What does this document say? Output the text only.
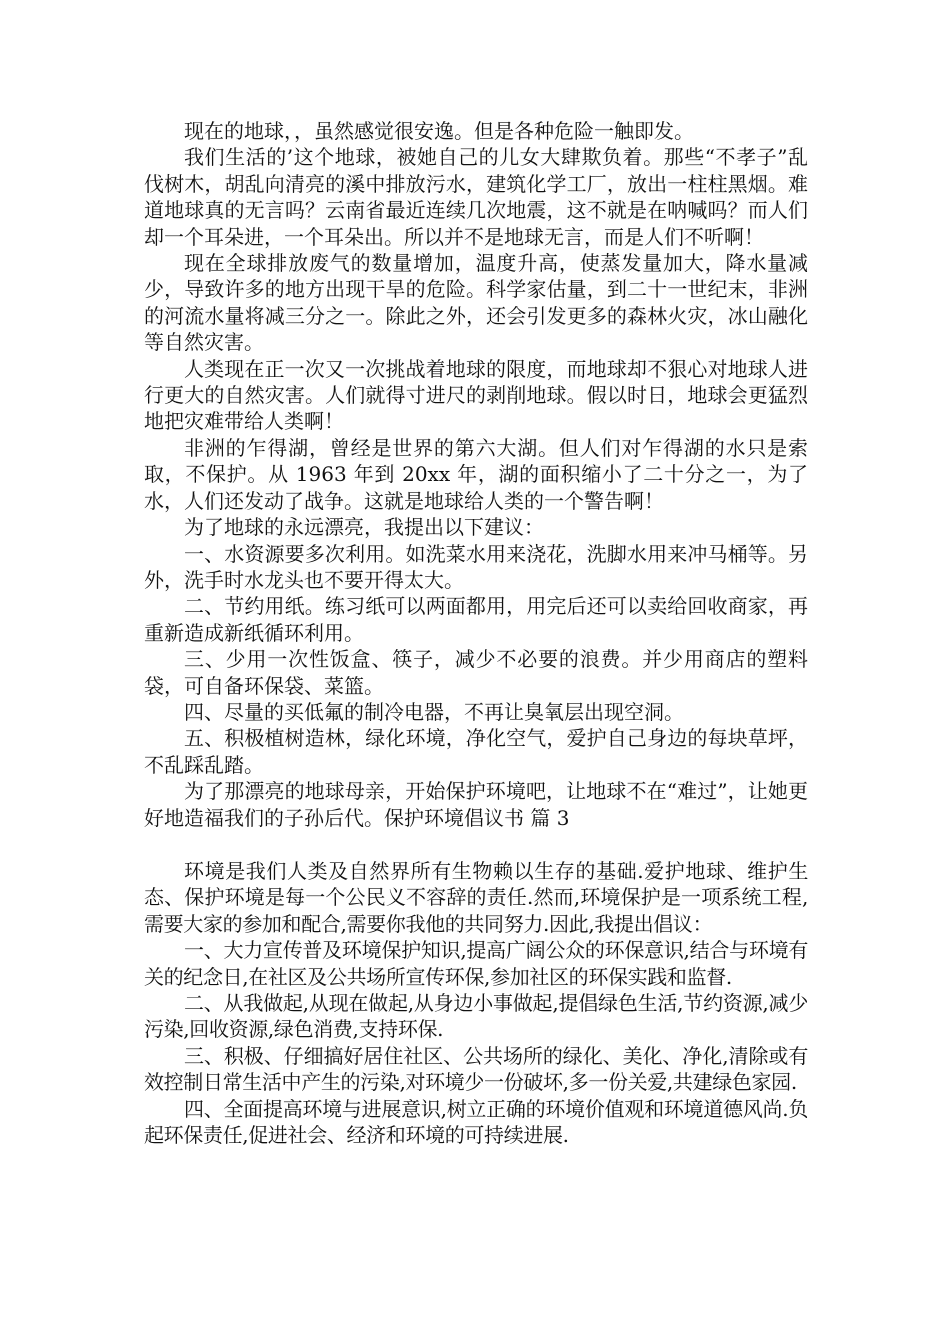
现在的地球，，虽然感觉很安逸。但是各种危险一触即发。

我们生活的’这个地球，被她自己的儿女大肆欺负着。那些“不孝子”乱伐树木，胡乱向清亮的溪中排放污水，建筑化学工厂，放出一柱柱黑烟。难道地球真的无言吗？云南省最近连续几次地震，这不就是在呐喊吗？而人们却一个耳朵进，一个耳朵出。所以并不是地球无言，而是人们不听啊！

现在全球排放废气的数量增加，温度升高，使蒸发量加大，降水量减少，导致许多的地方出现干旱的危险。科学家估量，到二十一世纪末，非洲的河流水量将减三分之一。除此之外，还会引发更多的森林火灾，冰山融化等自然灾害。

人类现在正一次又一次挑战着地球的限度，而地球却不狠心对地球人进行更大的自然灾害。人们就得寸进尺的剥削地球。假以时日，地球会更猛烈地把灾难带给人类啊！

非洲的乍得湖，曾经是世界的第六大湖。但人们对乍得湖的水只是索取，不保护。从 1963 年到 20xx 年，湖的面积缩小了二十分之一，为了水，人们还发动了战争。这就是地球给人类的一个警告啊！

为了地球的永远漂亮，我提出以下建议：

一、水资源要多次利用。如洗菜水用来浇花，洗脚水用来冲马桶等。另外，洗手时水龙头也不要开得太大。

二、节约用纸。练习纸可以两面都用，用完后还可以卖给回收商家，再重新造成新纸循环利用。

三、少用一次性饭盒、筷子，减少不必要的浪费。并少用商店的塑料袋，可自备环保袋、菜篮。

四、尽量的买低氟的制冷电器，不再让臭氧层出现空洞。

五、积极植树造林，绿化环境，净化空气，爱护自己身边的每块草坪，不乱踩乱踏。

为了那漂亮的地球母亲，开始保护环境吧，让地球不在“难过”，让她更好地造福我们的子孙后代。保护环境倡议书 篇 3

环境是我们人类及自然界所有生物赖以生存的基础.爱护地球、维护生态、保护环境是每一个公民义不容辞的责任.然而,环境保护是一项系统工程,需要大家的参加和配合,需要你我他的共同努力.因此,我提出倡议：

一、大力宣传普及环境保护知识,提高广阔公众的环保意识,结合与环境有关的纪念日,在社区及公共场所宣传环保,参加社区的环保实践和监督.

二、从我做起,从现在做起,从身边小事做起,提倡绿色生活,节约资源,减少污染,回收资源,绿色消费,支持环保.

三、积极、仔细搞好居住社区、公共场所的绿化、美化、净化,清除或有效控制日常生活中产生的污染,对环境少一份破坏,多一份关爱,共建绿色家园.

四、全面提高环境与进展意识,树立正确的环境价值观和环境道德风尚.负起环保责任,促进社会、经济和环境的可持续进展.
